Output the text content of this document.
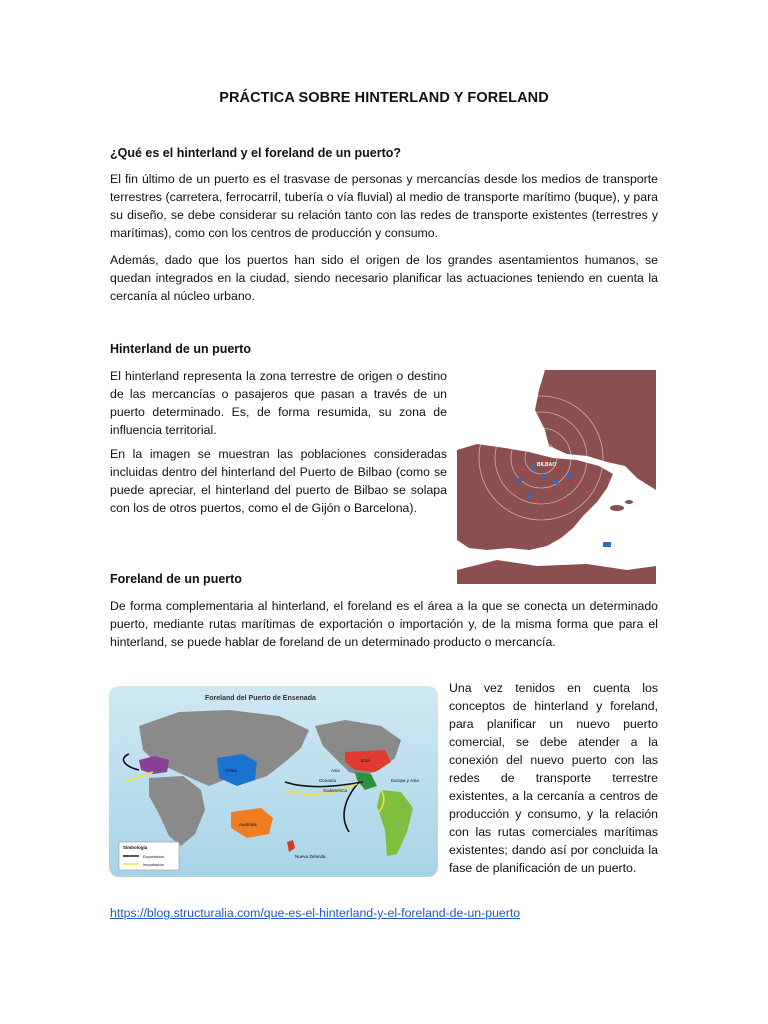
PRÁCTICA SOBRE HINTERLAND Y FORELAND
¿Qué es el hinterland y el foreland de un puerto?

El fin último de un puerto es el trasvase de personas y mercancías desde los medios de transporte terrestres (carretera, ferrocarril, tubería o vía fluvial) al medio de transporte marítimo (buque), y para su diseño, se debe considerar su relación tanto con las redes de transporte existentes (terrestres y marítimas), como con los centros de producción y consumo.

Además, dado que los puertos han sido el origen de los grandes asentamientos humanos, se quedan integrados en la ciudad, siendo necesario planificar las actuaciones teniendo en cuenta la cercanía al núcleo urbano.

Hinterland de un puerto

El hinterland representa la zona terrestre de origen o destino de las mercancías o pasajeros que pasan a través de un puerto determinado. Es, de forma resumida, su zona de influencia territorial.

En la imagen se muestran las poblaciones consideradas incluidas dentro del hinterland del Puerto de Bilbao (como se puede apreciar, el hinterland del puerto de Bilbao se solapa con los de otros puertos, como el de Gijón o Barcelona).	· · ·
· · ·
· · ·
BILBAO
Puerto seco
Foreland de un puerto

De forma complementaria al hinterland, el foreland es el área a la que se conecta un determinado puerto, mediante rutas marítimas de exportación o importación y, de la misma forma que para el hinterland, se puede hablar de foreland de un determinado producto o mercancía.

Foreland del Puerto de Ensenada
China
Australia
EUA
Asia
Oceanía
Sudamérica
Europa y Asia
Nueva Zelanda
Simbología
Exportación
Importación

Una vez tenidos en cuenta los conceptos de hinterland y foreland, para planificar un nuevo puerto comercial, se debe atender a la conexión del nuevo puerto con las redes de transporte terrestre existentes, a la cercanía a centros de producción y consumo, y la relación con las rutas comerciales marítimas existentes; dando así por concluida la fase de planificación de un puerto.

https://blog.structuralia.com/que-es-el-hinterland-y-el-foreland-de-un-puerto
